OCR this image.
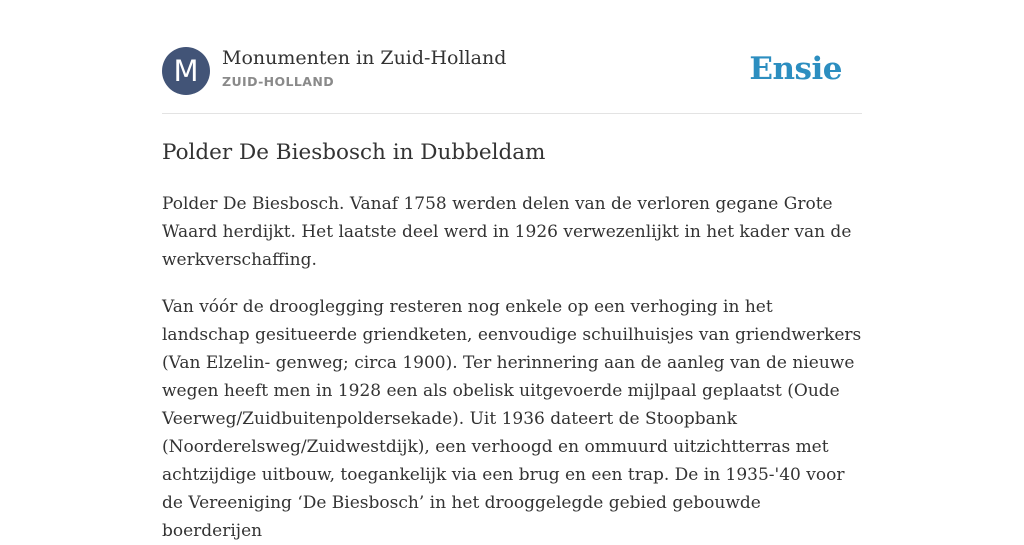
M	Monumenten in Zuid-Holland
ZUID-HOLLAND	Ensie
Polder De Biesbosch in Dubbeldam

Polder De Biesbosch. Vanaf 1758 werden delen van de verloren gegane Grote Waard herdijkt. Het laatste deel werd in 1926 verwezenlijkt in het kader van de werkverschaffing.

Van vóór de drooglegging resteren nog enkele op een verhoging in het landschap gesitueerde griendketen, eenvoudige schuilhuisjes van griendwerkers (Van Elzelin- genweg; circa 1900). Ter herinnering aan de aanleg van de nieuwe wegen heeft men in 1928 een als obelisk uitgevoerde mijlpaal geplaatst (Oude Veerweg/Zuidbuitenpoldersekade). Uit 1936 dateert de Stoopbank (Noorderelsweg/Zuidwestdijk), een verhoogd en ommuurd uitzichtterras met achtzijdige uitbouw, toegankelijk via een brug en een trap. De in 1935-'40 voor de Vereeniging ‘De Biesbosch’ in het drooggelegde gebied gebouwde boerderijen
